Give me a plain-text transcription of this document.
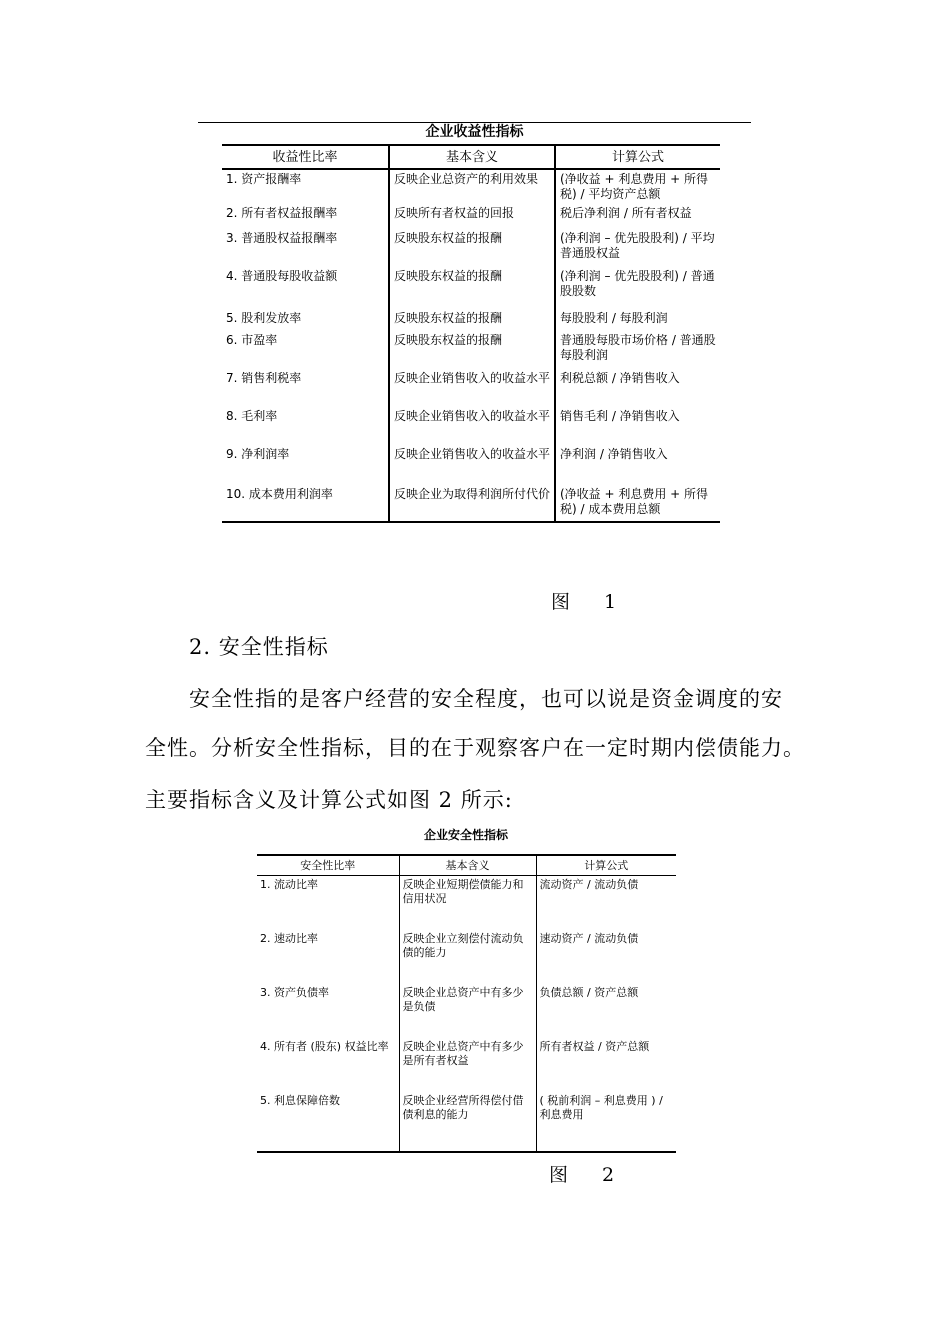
企业收益性指标
收益性比率	基本含义	计算公式
1. 资产报酬率	反映企业总资产的利用效果	(净收益 + 利息费用 + 所得税) / 平均资产总额
2. 所有者权益报酬率	反映所有者权益的回报	税后净利润 / 所有者权益
3. 普通股权益报酬率	反映股东权益的报酬	(净利润 – 优先股股利) / 平均普通股权益
4. 普通股每股收益额	反映股东权益的报酬	(净利润 – 优先股股利) / 普通股股数
5. 股利发放率	反映股东权益的报酬	每股股利 / 每股利润
6. 市盈率	反映股东权益的报酬	普通股每股市场价格 / 普通股每股利润
7. 销售利税率	反映企业销售收入的收益水平	利税总额 / 净销售收入
8. 毛利率	反映企业销售收入的收益水平	销售毛利 / 净销售收入
9. 净利润率	反映企业销售收入的收益水平	净利润 / 净销售收入
10. 成本费用利润率	反映企业为取得利润所付代价	(净收益 + 利息费用 + 所得税) / 成本费用总额
图 1
2. 安全性指标
安全性指的是客户经营的安全程度，也可以说是资金调度的安
全性。分析安全性指标，目的在于观察客户在一定时期内偿债能力。
主要指标含义及计算公式如图 2 所示:
企业安全性指标
安全性比率	基本含义	计算公式
1. 流动比率	反映企业短期偿债能力和信用状况	流动资产 / 流动负债
2. 速动比率	反映企业立刻偿付流动负债的能力	速动资产 / 流动负债
3. 资产负债率	反映企业总资产中有多少是负债	负债总额 / 资产总额
4. 所有者 (股东) 权益比率	反映企业总资产中有多少是所有者权益	所有者权益 / 资产总额
5. 利息保障倍数	反映企业经营所得偿付借债利息的能力	( 税前利润 – 利息费用 ) / 利息费用
图 2
